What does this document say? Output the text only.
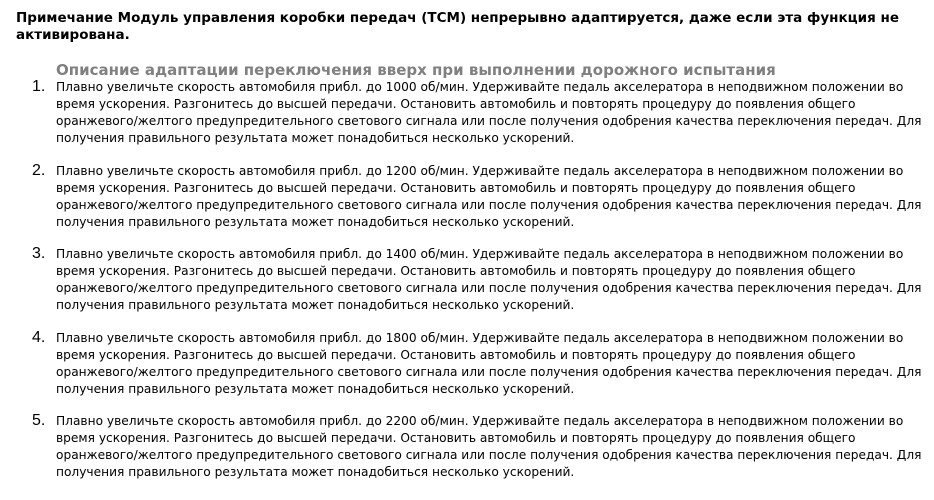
Примечание Модуль управления коробки передач (TCM) непрерывно адаптируется, даже если эта функция не активирована.
Описание адаптации переключения вверх при выполнении дорожного испытания
1. Плавно увеличьте скорость автомобиля прибл. до 1000 об/мин. Удерживайте педаль акселератора в неподвижном положении во время ускорения. Разгонитесь до высшей передачи. Остановить автомобиль и повторять процедуру до появления общего оранжевого/желтого предупредительного светового сигнала или после получения одобрения качества переключения передач. Для получения правильного результата может понадобиться несколько ускорений.

2. Плавно увеличьте скорость автомобиля прибл. до 1200 об/мин. Удерживайте педаль акселератора в неподвижном положении во время ускорения. Разгонитесь до высшей передачи. Остановить автомобиль и повторять процедуру до появления общего оранжевого/желтого предупредительного светового сигнала или после получения одобрения качества переключения передач. Для получения правильного результата может понадобиться несколько ускорений.

3. Плавно увеличьте скорость автомобиля прибл. до 1400 об/мин. Удерживайте педаль акселератора в неподвижном положении во время ускорения. Разгонитесь до высшей передачи. Остановить автомобиль и повторять процедуру до появления общего оранжевого/желтого предупредительного светового сигнала или после получения одобрения качества переключения передач. Для получения правильного результата может понадобиться несколько ускорений.

4. Плавно увеличьте скорость автомобиля прибл. до 1800 об/мин. Удерживайте педаль акселератора в неподвижном положении во время ускорения. Разгонитесь до высшей передачи. Остановить автомобиль и повторять процедуру до появления общего оранжевого/желтого предупредительного светового сигнала или после получения одобрения качества переключения передач. Для получения правильного результата может понадобиться несколько ускорений.

5. Плавно увеличьте скорость автомобиля прибл. до 2200 об/мин. Удерживайте педаль акселератора в неподвижном положении во время ускорения. Разгонитесь до высшей передачи. Остановить автомобиль и повторять процедуру до появления общего оранжевого/желтого предупредительного светового сигнала или после получения одобрения качества переключения передач. Для получения правильного результата может понадобиться несколько ускорений.
